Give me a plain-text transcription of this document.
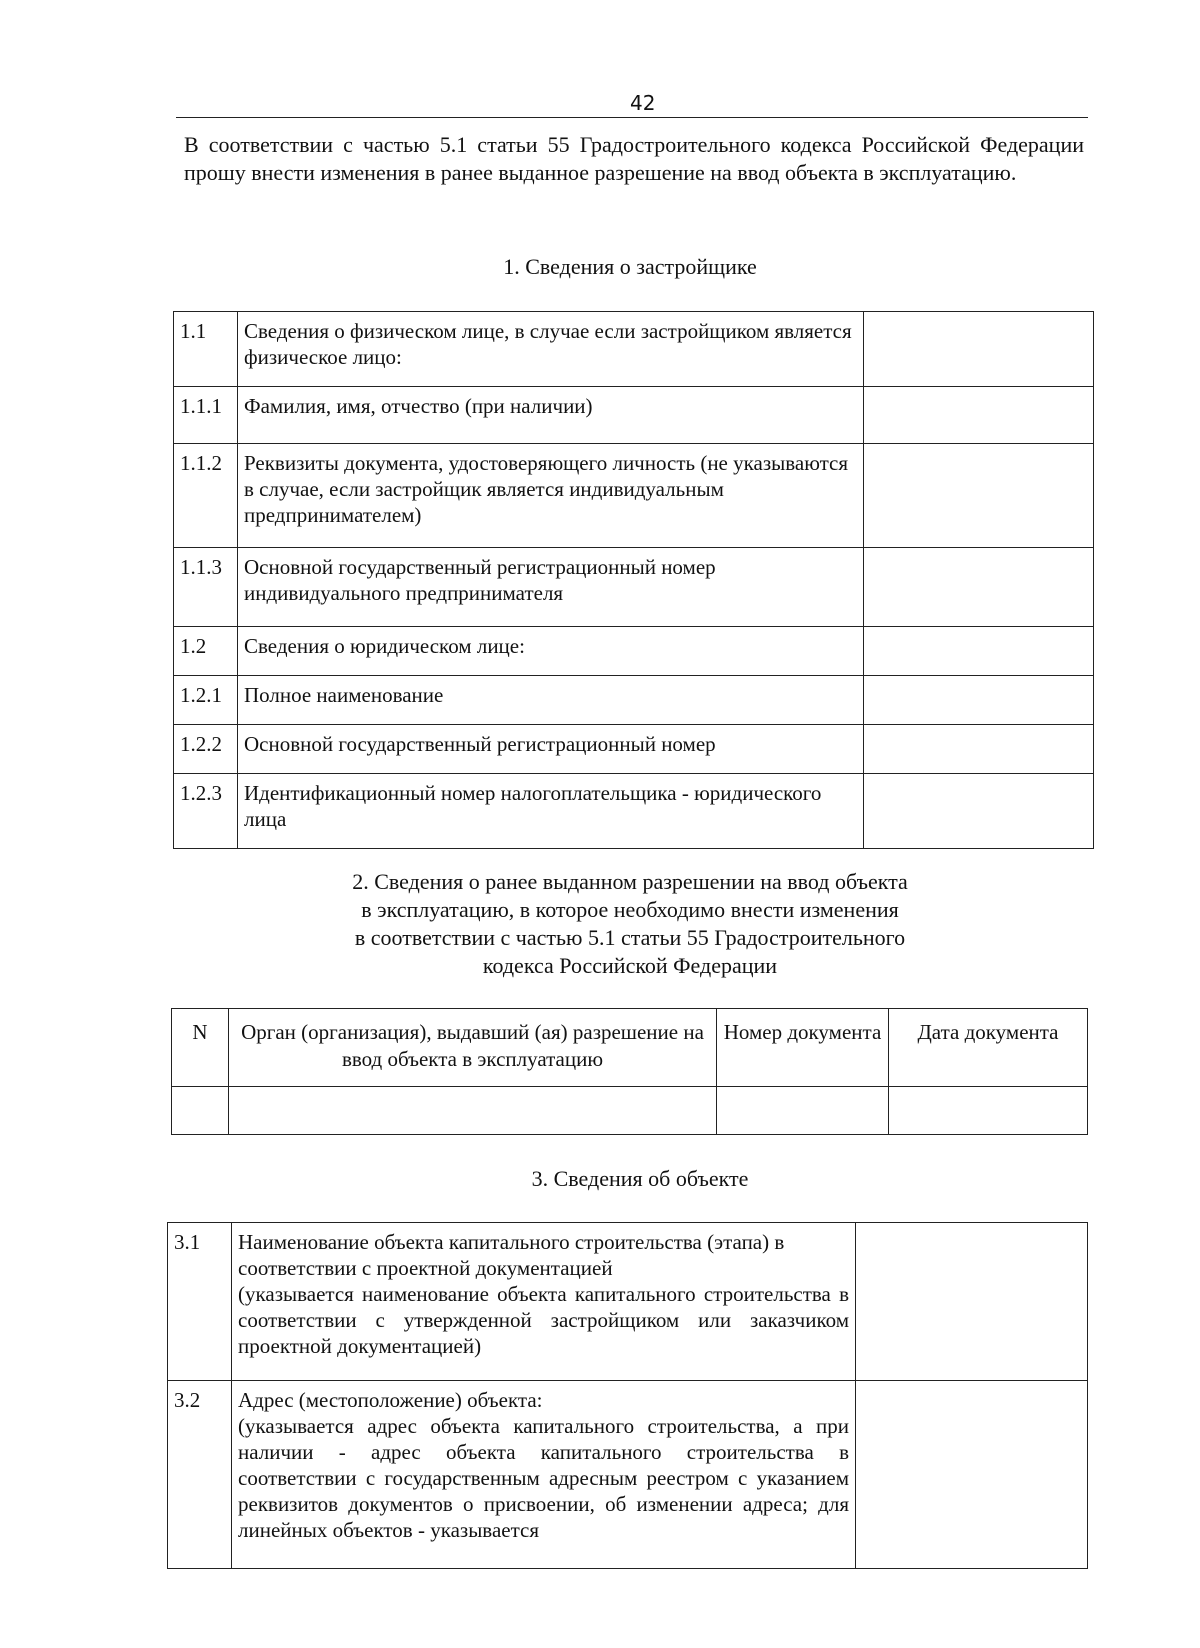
42
В соответствии с частью 5.1 статьи 55 Градостроительного кодекса Российской Федерации прошу внести изменения в ранее выданное разрешение на ввод объекта в эксплуатацию.
1. Сведения о застройщике
1.1	Сведения о физическом лице, в случае если застройщиком является физическое лицо:	
1.1.1	Фамилия, имя, отчество (при наличии)	
1.1.2	Реквизиты документа, удостоверяющего личность (не указываются в случае, если застройщик является индивидуальным предпринимателем)	
1.1.3	Основной государственный регистрационный номер индивидуального предпринимателя	
1.2	Сведения о юридическом лице:	
1.2.1	Полное наименование	
1.2.2	Основной государственный регистрационный номер	
1.2.3	Идентификационный номер налогоплательщика - юридического лица	
2. Сведения о ранее выданном разрешении на ввод объекта
в эксплуатацию, в которое необходимо внести изменения
в соответствии с частью 5.1 статьи 55 Градостроительного
кодекса Российской Федерации
N	Орган (организация), выдавший (ая) разрешение на ввод объекта в эксплуатацию	Номер документа	Дата документа

3. Сведения об объекте
3.1	Наименование объекта капитального строительства (этапа) в соответствии с проектной документацией
(указывается наименование объекта капитального строительства в соответствии с утвержденной застройщиком или заказчиком проектной документацией)	

3.2	Адрес (местоположение) объекта:
(указывается адрес объекта капитального строительства, а при наличии - адрес объекта капитального строительства в соответствии с государственным адресным реестром с указанием реквизитов документов о присвоении, об изменении адреса; для линейных объектов - указывается	
